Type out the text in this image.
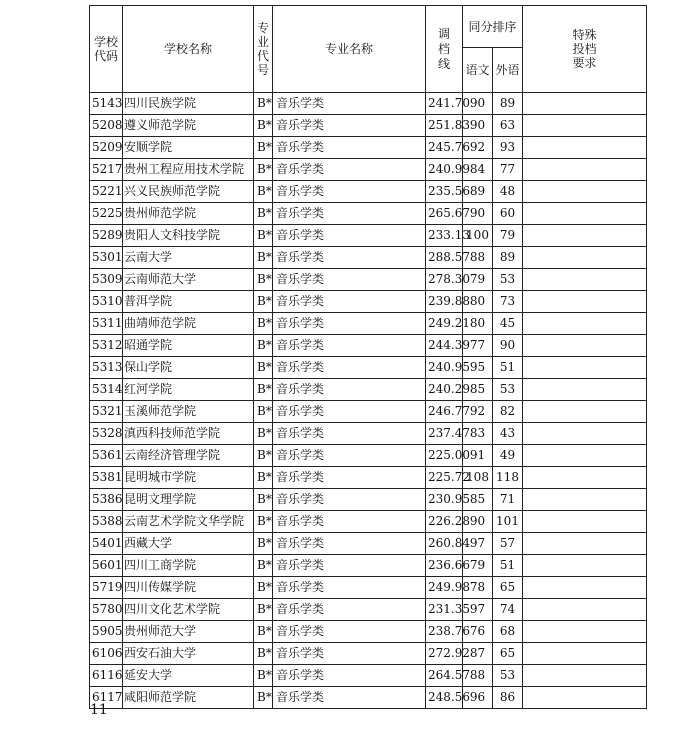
学校代码	学校名称	专业代号	专业名称	调档线	同分排序		特殊投档要求

					语文	外语	
5143	四川民族学院	B*	音乐学类	241.70	90	89	
5208	遵义师范学院	B*	音乐学类	251.83	90	63	
5209	安顺学院	B*	音乐学类	245.76	92	93	
5217	贵州工程应用技术学院	B*	音乐学类	240.99	84	77	
5221	兴义民族师范学院	B*	音乐学类	235.56	89	48	
5225	贵州师范学院	B*	音乐学类	265.67	90	60	
5289	贵阳人文科技学院	B*	音乐学类	233.13	100	79	
5301	云南大学	B*	音乐学类	288.57	88	89	
5309	云南师范大学	B*	音乐学类	278.30	79	53	
5310	普洱学院	B*	音乐学类	239.88	80	73	
5311	曲靖师范学院	B*	音乐学类	249.21	80	45	
5312	昭通学院	B*	音乐学类	244.39	77	90	
5313	保山学院	B*	音乐学类	240.95	95	51	
5314	红河学院	B*	音乐学类	240.29	85	53	
5321	玉溪师范学院	B*	音乐学类	246.77	92	82	
5328	滇西科技师范学院	B*	音乐学类	237.47	83	43	
5361	云南经济管理学院	B*	音乐学类	225.00	91	49	
5381	昆明城市学院	B*	音乐学类	225.72	108	118	
5386	昆明文理学院	B*	音乐学类	230.95	85	71	
5388	云南艺术学院文华学院	B*	音乐学类	226.28	90	101	
5401	西藏大学	B*	音乐学类	260.84	97	57	
5601	四川工商学院	B*	音乐学类	236.66	79	51	
5719	四川传媒学院	B*	音乐学类	249.98	78	65	
5780	四川文化艺术学院	B*	音乐学类	231.35	97	74	
5905	贵州师范大学	B*	音乐学类	238.76	76	68	
6106	西安石油大学	B*	音乐学类	272.92	87	65	
6116	延安大学	B*	音乐学类	264.57	88	53	
6117	咸阳师范学院	B*	音乐学类	248.56	96	86	
11
